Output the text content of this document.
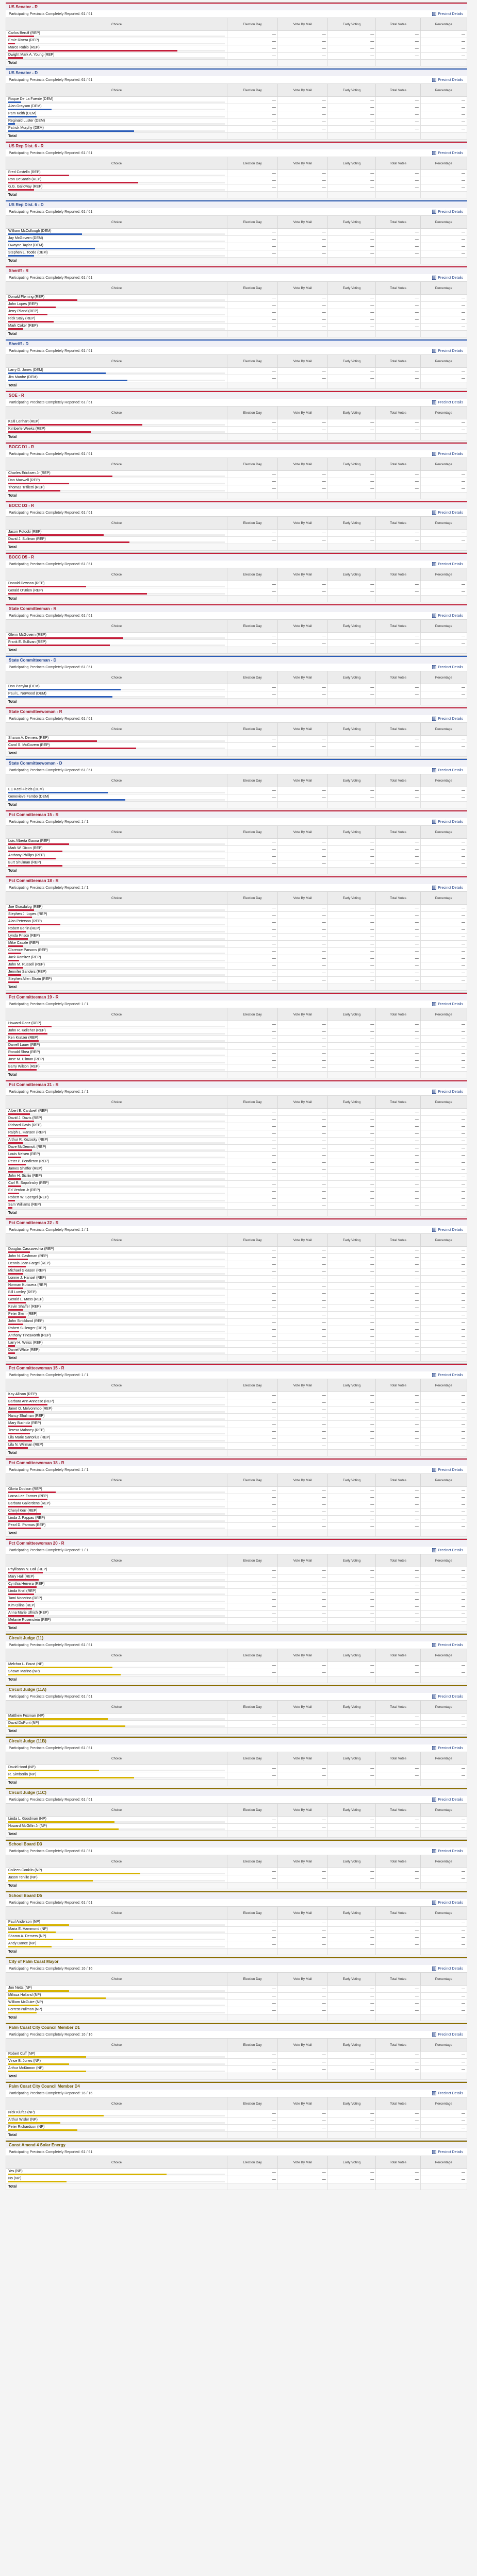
US Senator - R
Participating Precincts Completely Reported: 61 / 61	Precinct Details
Choice	Election Day	Vote By Mail	Early Voting	Total Votes	Percentage

Carlos Beruff (REP)	—	—	—	—	—

Ernie Rivera (REP)	—	—	—	—	—

Marco Rubio (REP)	—	—	—	—	—

Dwight Mark A. Young (REP)	—	—	—	—	—
Total					
US Senator - D
Participating Precincts Completely Reported: 61 / 61	Precinct Details
Choice	Election Day	Vote By Mail	Early Voting	Total Votes	Percentage

Roque De La Fuente (DEM)	—	—	—	—	—

Alan Grayson (DEM)	—	—	—	—	—

Pam Keith (DEM)	—	—	—	—	—

Reginald Luster (DEM)	—	—	—	—	—

Patrick Murphy (DEM)	—	—	—	—	—
Total					
US Rep Dist. 6 - R
Participating Precincts Completely Reported: 61 / 61	Precinct Details
Choice	Election Day	Vote By Mail	Early Voting	Total Votes	Percentage

Fred Costello (REP)	—	—	—	—	—

Ron DeSantis (REP)	—	—	—	—	—

G.G. Galloway (REP)	—	—	—	—	—
Total					
US Rep Dist. 6 - D
Participating Precincts Completely Reported: 61 / 61	Precinct Details
Choice	Election Day	Vote By Mail	Early Voting	Total Votes	Percentage

William McCullough (DEM)	—	—	—	—	—

Jay McGovern (DEM)	—	—	—	—	—

Dwayne Taylor (DEM)	—	—	—	—	—

Stephen L. Tootle (DEM)	—	—	—	—	—
Total					
Sheriff - R
Participating Precincts Completely Reported: 61 / 61	Precinct Details
Choice	Election Day	Vote By Mail	Early Voting	Total Votes	Percentage

Donald Fleming (REP)	—	—	—	—	—

John Lopes (REP)	—	—	—	—	—

Jerry Piland (REP)	—	—	—	—	—

Rick Staly (REP)	—	—	—	—	—

Mark Coker (REP)	—	—	—	—	—
Total					
Sheriff - D
Participating Precincts Completely Reported: 61 / 61	Precinct Details
Choice	Election Day	Vote By Mail	Early Voting	Total Votes	Percentage

Larry D. Jones (DEM)	—	—	—	—	—

Jim Manfre (DEM)	—	—	—	—	—
Total					
SOE - R
Participating Precincts Completely Reported: 61 / 61	Precinct Details
Choice	Election Day	Vote By Mail	Early Voting	Total Votes	Percentage

Kaiti Lenhart (REP)	—	—	—	—	—

Kimberle Weeks (REP)	—	—	—	—	—
Total					
BOCC D1 - R
Participating Precincts Completely Reported: 61 / 61	Precinct Details
Choice	Election Day	Vote By Mail	Early Voting	Total Votes	Percentage

Charles Ericksen Jr (REP)	—	—	—	—	—

Dan Maxwell (REP)	—	—	—	—	—

Thomas Trifiletti (REP)	—	—	—	—	—
Total					
BOCC D3 - R
Participating Precincts Completely Reported: 61 / 61	Precinct Details
Choice	Election Day	Vote By Mail	Early Voting	Total Votes	Percentage

Jason Potocki (REP)	—	—	—	—	—

David J. Sullivan (REP)	—	—	—	—	—
Total					
BOCC D5 - R
Participating Precincts Completely Reported: 61 / 61	Precinct Details
Choice	Election Day	Vote By Mail	Early Voting	Total Votes	Percentage

Donald Dewson (REP)	—	—	—	—	—

Gerald O'Brien (REP)	—	—	—	—	—
Total					
State Committeeman - R
Participating Precincts Completely Reported: 61 / 61	Precinct Details
Choice	Election Day	Vote By Mail	Early Voting	Total Votes	Percentage

Glenn McGovern (REP)	—	—	—	—	—

Frank E. Sullivan (REP)	—	—	—	—	—
Total					
State Committeeman - D
Participating Precincts Completely Reported: 61 / 61	Precinct Details
Choice	Election Day	Vote By Mail	Early Voting	Total Votes	Percentage

Don Partyka (DEM)	—	—	—	—	—

Paul L. Norwood (DEM)	—	—	—	—	—
Total					
State Committeewoman - R
Participating Precincts Completely Reported: 61 / 61	Precinct Details
Choice	Election Day	Vote By Mail	Early Voting	Total Votes	Percentage

Sharon A. Demers (REP)	—	—	—	—	—

Carol S. McGovern (REP)	—	—	—	—	—
Total					
State Committeewoman - D
Participating Precincts Completely Reported: 61 / 61	Precinct Details
Choice	Election Day	Vote By Mail	Early Voting	Total Votes	Percentage

EC Keel-Fields (DEM)	—	—	—	—	—

Genevieve Fambo (DEM)	—	—	—	—	—
Total					
Pct Committeeman 15 - R
Participating Precincts Completely Reported: 1 / 1	Precinct Details
Choice	Election Day	Vote By Mail	Early Voting	Total Votes	Percentage

Lois Alberta Gaona (REP)	—	—	—	—	—

Mark W. Dixon (REP)	—	—	—	—	—

Anthony Phillips (REP)	—	—	—	—	—

Burt Shulman (REP)	—	—	—	—	—
Total					
Pct Committeeman 18 - R
Participating Precincts Completely Reported: 1 / 1	Precinct Details
Choice	Election Day	Vote By Mail	Early Voting	Total Votes	Percentage

Joe Grasdalog (REP)	—	—	—	—	—

Stephen J. Lopes (REP)	—	—	—	—	—

Alan Peterson (REP)	—	—	—	—	—

Robert Berlin (REP)	—	—	—	—	—

Lynda Prisco (REP)	—	—	—	—	—

Mike Casale (REP)	—	—	—	—	—

Clarence Parsons (REP)	—	—	—	—	—

Jack Ramirez (REP)	—	—	—	—	—

John M. Russell (REP)	—	—	—	—	—

Jennifer Sanders (REP)	—	—	—	—	—

Stephen Allen Strain (REP)	—	—	—	—	—
Total					
Pct Committeeman 19 - R
Participating Precincts Completely Reported: 1 / 1	Precinct Details
Choice	Election Day	Vote By Mail	Early Voting	Total Votes	Percentage

Howard Gonz (REP)	—	—	—	—	—

John R. Kelleher (REP)	—	—	—	—	—

Ken Kratzer (REP)	—	—	—	—	—

Darrell Lauer (REP)	—	—	—	—	—

Ronald Shea (REP)	—	—	—	—	—

Jose M. Ullman (REP)	—	—	—	—	—

Barry Wilson (REP)	—	—	—	—	—
Total					
Pct Committeeman 21 - R
Participating Precincts Completely Reported: 1 / 1	Precinct Details
Choice	Election Day	Vote By Mail	Early Voting	Total Votes	Percentage

Albert E. Cardwell (REP)	—	—	—	—	—

David J. Davis (REP)	—	—	—	—	—

Richard Davis (REP)	—	—	—	—	—

Ralph L. Hansen (REP)	—	—	—	—	—

Arthur R. Kozosky (REP)	—	—	—	—	—

Dave McDermott (REP)	—	—	—	—	—

Louis Nelsen (REP)	—	—	—	—	—

Peter P. Pendleton (REP)	—	—	—	—	—

James Shaffer (REP)	—	—	—	—	—

John H. Sicilio (REP)	—	—	—	—	—

Carl R. Sopolinsky (REP)	—	—	—	—	—

Ed Verdon Jr (REP)	—	—	—	—	—

Robert W. Spergel (REP)	—	—	—	—	—

Sam Williams (REP)	—	—	—	—	—
Total					
Pct Committeeman 22 - R
Participating Precincts Completely Reported: 1 / 1	Precinct Details
Choice	Election Day	Vote By Mail	Early Voting	Total Votes	Percentage

Douglas Cassavechia (REP)	—	—	—	—	—

John N. Cashman (REP)	—	—	—	—	—

Dennis Jean Fargel (REP)	—	—	—	—	—

Michael Gleason (REP)	—	—	—	—	—

Lonnie J. Hansel (REP)	—	—	—	—	—

Norman Kutscera (REP)	—	—	—	—	—

Bill Lumley (REP)	—	—	—	—	—

Gerald L. Moss (REP)	—	—	—	—	—

Kevin Shaffer (REP)	—	—	—	—	—

Peter Stern (REP)	—	—	—	—	—

John Strickland (REP)	—	—	—	—	—

Robert Sullenger (REP)	—	—	—	—	—

Anthony Tinesworth (REP)	—	—	—	—	—

Larry H. Weiss (REP)	—	—	—	—	—

Daniel White (REP)	—	—	—	—	—
Total					
Pct Committeewoman 15 - R
Participating Precincts Completely Reported: 1 / 1	Precinct Details
Choice	Election Day	Vote By Mail	Early Voting	Total Votes	Percentage

Kay Allison (REP)	—	—	—	—	—

Barbara Ann Annesse (REP)	—	—	—	—	—

Janet O. Melvonmoo (REP)	—	—	—	—	—

Nancy Shulman (REP)	—	—	—	—	—

Mary Bucholz (REP)	—	—	—	—	—

Teresa Maloney (REP)	—	—	—	—	—

Lila Marie Sartorius (REP)	—	—	—	—	—

Lila N. Willman (REP)	—	—	—	—	—
Total					
Pct Committeewoman 18 - R
Participating Precincts Completely Reported: 1 / 1	Precinct Details
Choice	Election Day	Vote By Mail	Early Voting	Total Votes	Percentage

Gloria Dodson (REP)	—	—	—	—	—

Lorna Lee Farmer (REP)	—	—	—	—	—

Barbara Gallerdens (REP)	—	—	—	—	—

Cheryl Kerr (REP)	—	—	—	—	—

Linda J. Pappas (REP)	—	—	—	—	—

Pearl D. Parmas (REP)	—	—	—	—	—
Total					
Pct Committeewoman 20 - R
Participating Precincts Completely Reported: 1 / 1	Precinct Details
Choice	Election Day	Vote By Mail	Early Voting	Total Votes	Percentage

Phyllisann N. Boll (REP)	—	—	—	—	—

Mary Hall (REP)	—	—	—	—	—

Cynthia Herrera (REP)	—	—	—	—	—

Linda Kroll (REP)	—	—	—	—	—

Tami Nocerino (REP)	—	—	—	—	—

Kim Ollins (REP)	—	—	—	—	—

Anna Marie Ullrich (REP)	—	—	—	—	—

Melanie Rosenstein (REP)	—	—	—	—	—
Total					
Circuit Judge (11)
Participating Precincts Completely Reported: 61 / 61	Precinct Details
Choice	Election Day	Vote By Mail	Early Voting	Total Votes	Percentage

Melchor L. Foust (NP)	—	—	—	—	—

Shawn Marino (NP)	—	—	—	—	—
Total					
Circuit Judge (11A)
Participating Precincts Completely Reported: 61 / 61	Precinct Details
Choice	Election Day	Vote By Mail	Early Voting	Total Votes	Percentage

Matthew Foxman (NP)	—	—	—	—	—

David DuPont (NP)	—	—	—	—	—
Total					
Circuit Judge (11B)
Participating Precincts Completely Reported: 61 / 61	Precinct Details
Choice	Election Day	Vote By Mail	Early Voting	Total Votes	Percentage

David Hood (NP)	—	—	—	—	—

R. Simberlin (NP)	—	—	—	—	—
Total					
Circuit Judge (11C)
Participating Precincts Completely Reported: 61 / 61	Precinct Details
Choice	Election Day	Vote By Mail	Early Voting	Total Votes	Percentage

Linda L. Goodman (NP)	—	—	—	—	—

Howard McGillin Jr (NP)	—	—	—	—	—
Total					
School Board D3
Participating Precincts Completely Reported: 61 / 61	Precinct Details
Choice	Election Day	Vote By Mail	Early Voting	Total Votes	Percentage

Colleen Conklin (NP)	—	—	—	—	—

Jason Tenille (NP)	—	—	—	—	—
Total					
School Board D5
Participating Precincts Completely Reported: 61 / 61	Precinct Details
Choice	Election Day	Vote By Mail	Early Voting	Total Votes	Percentage

Paul Anderson (NP)	—	—	—	—	—

Maria E. Hammond (NP)	—	—	—	—	—

Sharon A. Demers (NP)	—	—	—	—	—

Andy Dance (NP)	—	—	—	—	—
Total					
City of Palm Coast Mayor
Participating Precincts Completely Reported: 16 / 16	Precinct Details
Choice	Election Day	Vote By Mail	Early Voting	Total Votes	Percentage

Jon Netts (NP)	—	—	—	—	—

Milissa Holland (NP)	—	—	—	—	—

William McGuire (NP)	—	—	—	—	—

Forrest Pullman (NP)	—	—	—	—	—
Total					
Palm Coast City Council Member D1
Participating Precincts Completely Reported: 16 / 16	Precinct Details
Choice	Election Day	Vote By Mail	Early Voting	Total Votes	Percentage

Robert Cuff (NP)	—	—	—	—	—

Vince B. Jones (NP)	—	—	—	—	—

Arthur McKinnon (NP)	—	—	—	—	—
Total					
Palm Coast City Council Member D4
Participating Precincts Completely Reported: 16 / 16	Precinct Details
Choice	Election Day	Vote By Mail	Early Voting	Total Votes	Percentage

Nick Klufas (NP)	—	—	—	—	—

Arthur Wisler (NP)	—	—	—	—	—

Peter Richardson (NP)	—	—	—	—	—
Total					
Const Amend 4 Solar Energy
Participating Precincts Completely Reported: 61 / 61	Precinct Details
Choice	Election Day	Vote By Mail	Early Voting	Total Votes	Percentage

Yes (NP)	—	—	—	—	—

No (NP)	—	—	—	—	—
Total					
